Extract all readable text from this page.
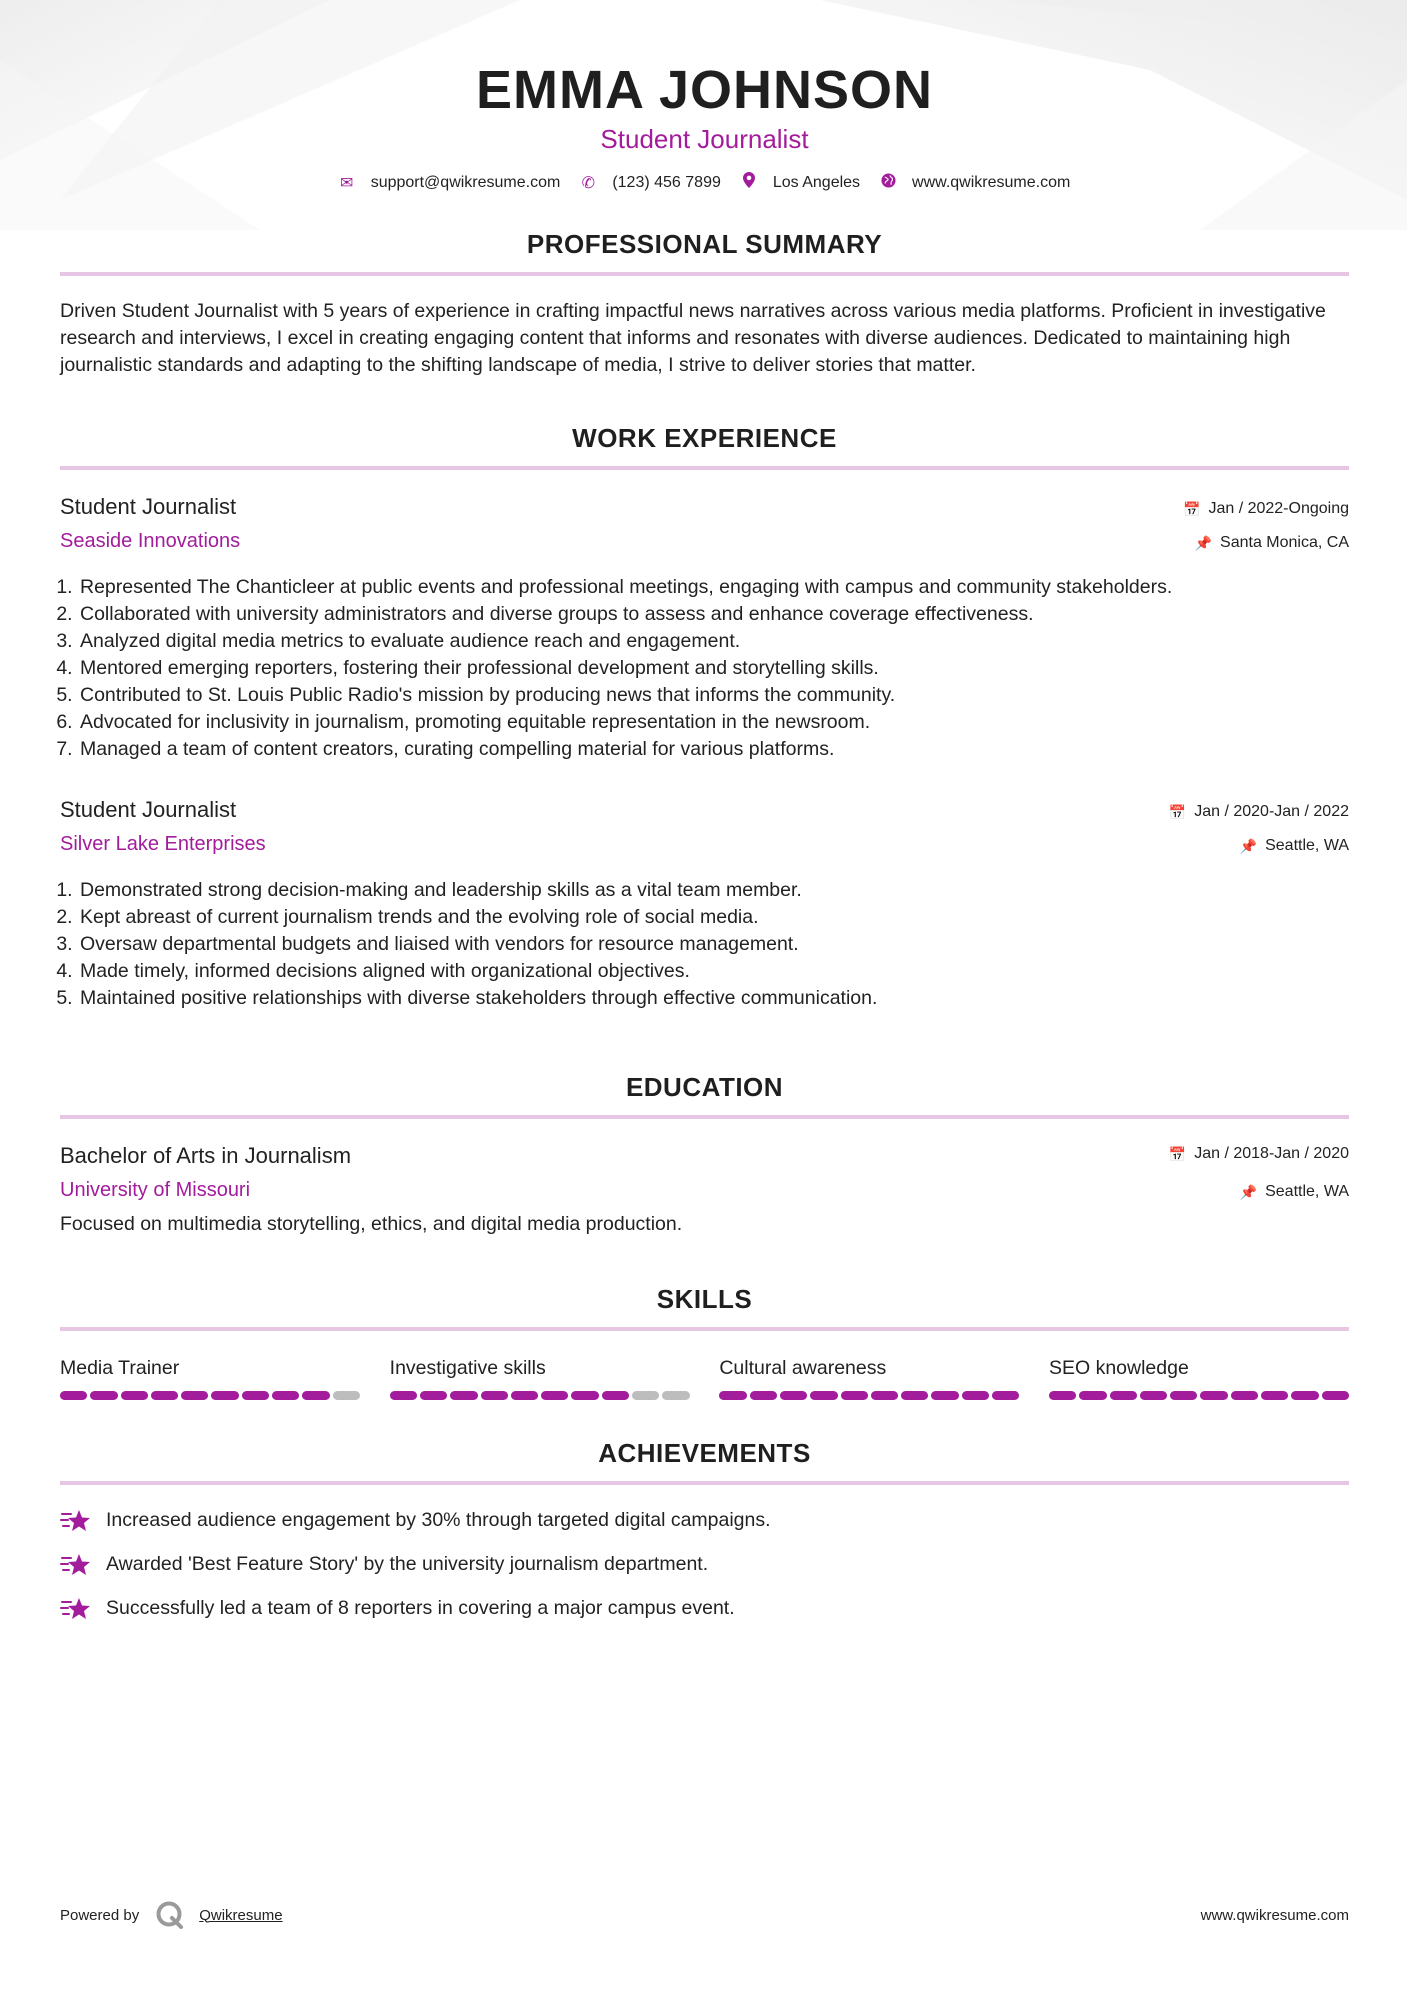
EMMA JOHNSON
Student Journalist
✉ support@qwikresume.com ✆ (123) 456 7899	Los Angeles	www.qwikresume.com
PROFESSIONAL SUMMARY

Driven Student Journalist with 5 years of experience in crafting impactful news narratives across various media platforms. Proficient in investigative research and interviews, I excel in creating engaging content that informs and resonates with diverse audiences. Dedicated to maintaining high journalistic standards and adapting to the shifting landscape of media, I strive to deliver stories that matter.

WORK EXPERIENCE
Student Journalist
Seaside Innovations
📅 Jan / 2022-Ongoing
📌 Santa Monica, CA
1. Represented The Chanticleer at public events and professional meetings, engaging with campus and community stakeholders.
2. Collaborated with university administrators and diverse groups to assess and enhance coverage effectiveness.
3. Analyzed digital media metrics to evaluate audience reach and engagement.
4. Mentored emerging reporters, fostering their professional development and storytelling skills.
5. Contributed to St. Louis Public Radio's mission by producing news that informs the community.
6. Advocated for inclusivity in journalism, promoting equitable representation in the newsroom.
7. Managed a team of content creators, curating compelling material for various platforms.
Student Journalist
Silver Lake Enterprises
📅 Jan / 2020-Jan / 2022
📌 Seattle, WA
1. Demonstrated strong decision-making and leadership skills as a vital team member.
2. Kept abreast of current journalism trends and the evolving role of social media.
3. Oversaw departmental budgets and liaised with vendors for resource management.
4. Made timely, informed decisions aligned with organizational objectives.
5. Maintained positive relationships with diverse stakeholders through effective communication.
EDUCATION
Bachelor of Arts in Journalism
University of Missouri
📅 Jan / 2018-Jan / 2020
📌 Seattle, WA
Focused on multimedia storytelling, ethics, and digital media production.
SKILLS
Media Trainer	Investigative skills	Cultural awareness	SEO knowledge
ACHIEVEMENTS
Increased audience engagement by 30% through targeted digital campaigns.
Awarded 'Best Feature Story' by the university journalism department.
Successfully led a team of 8 reporters in covering a major campus event.
Powered by	Qwikresume	www.qwikresume.com
